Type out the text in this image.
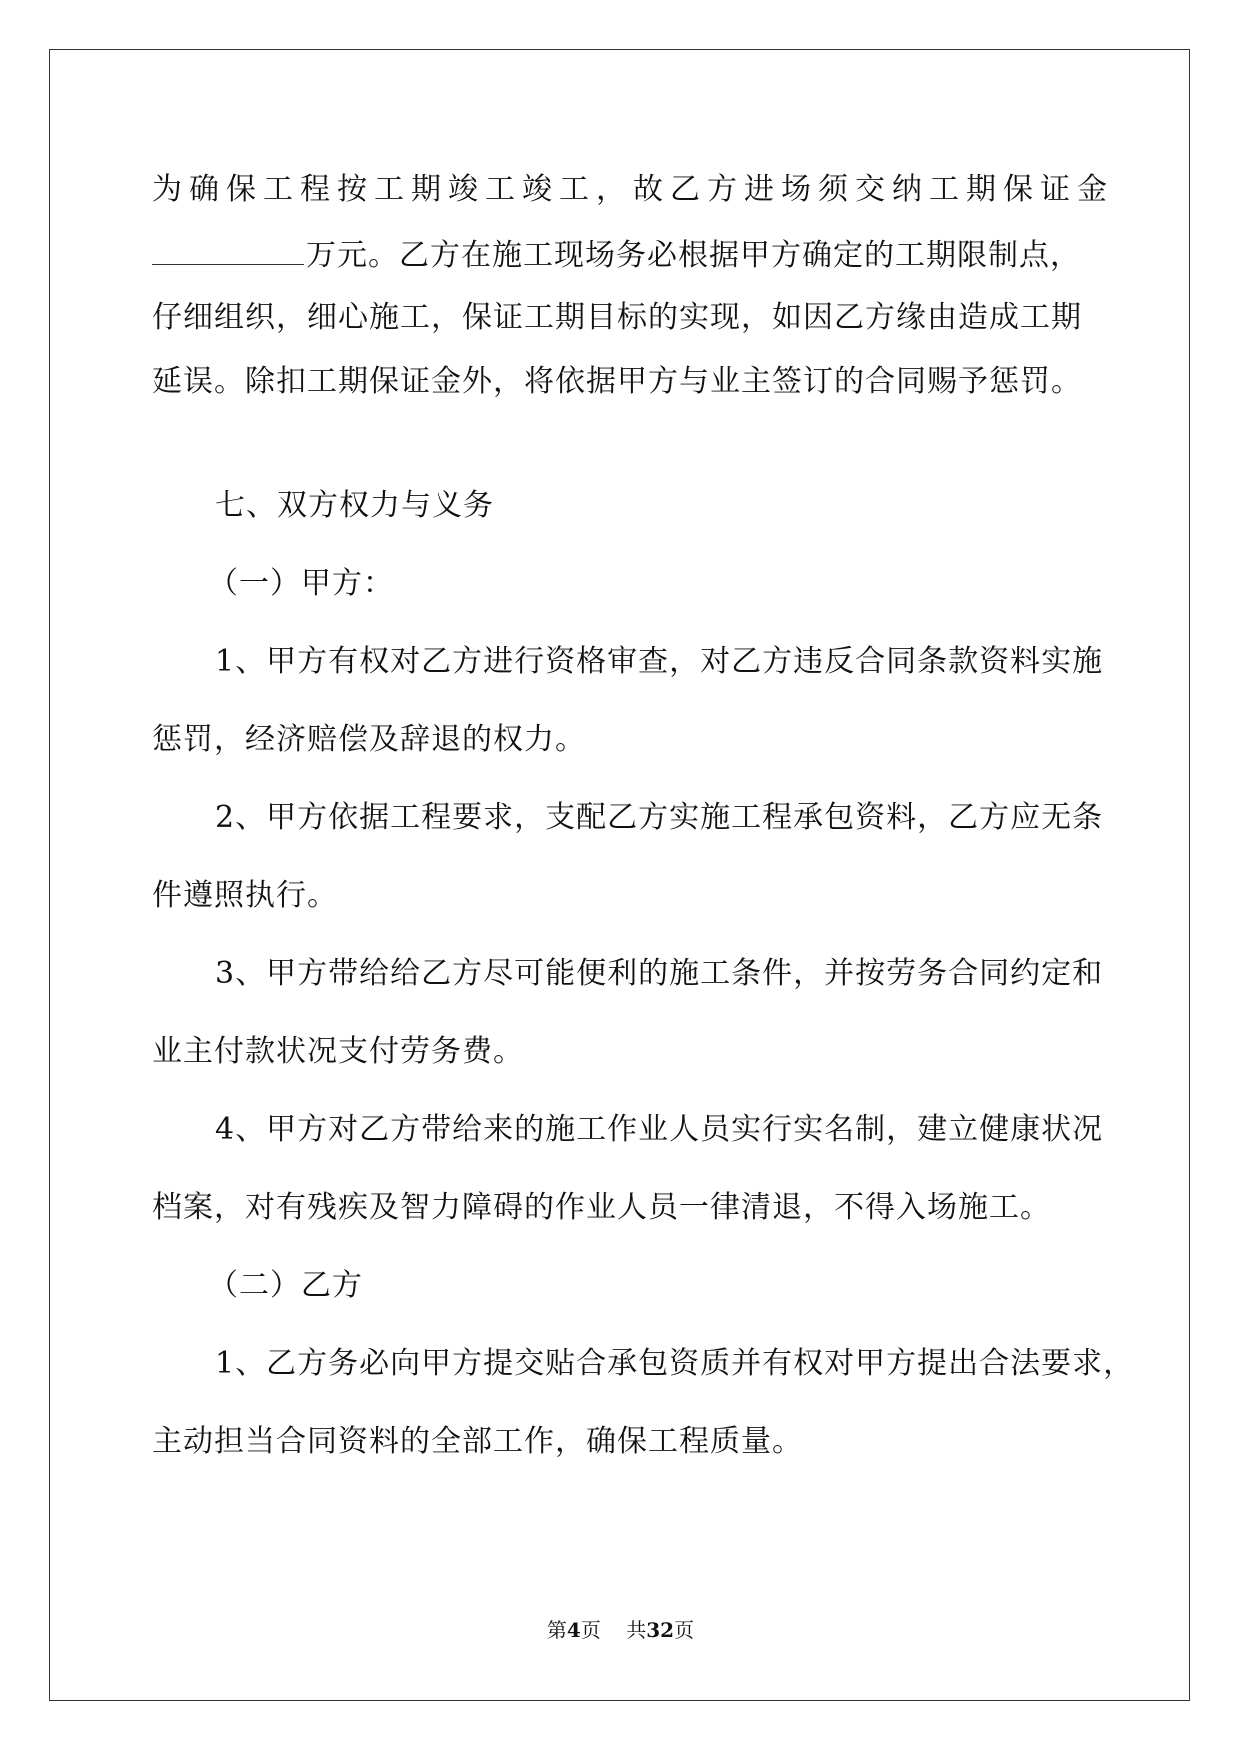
为确保工程按工期竣工竣工，故乙方进场须交纳工期保证金
万元。乙方在施工现场务必根据甲方确定的工期限制点，
仔细组织，细心施工，保证工期目标的实现，如因乙方缘由造成工期
延误。除扣工期保证金外，将依据甲方与业主签订的合同赐予惩罚。
七、双方权力与义务
（一）甲方：
1、甲方有权对乙方进行资格审查，对乙方违反合同条款资料实施
惩罚，经济赔偿及辞退的权力。
2、甲方依据工程要求，支配乙方实施工程承包资料，乙方应无条
件遵照执行。
3、甲方带给给乙方尽可能便利的施工条件，并按劳务合同约定和
业主付款状况支付劳务费。
4、甲方对乙方带给来的施工作业人员实行实名制，建立健康状况
档案，对有残疾及智力障碍的作业人员一律清退，不得入场施工。
（二）乙方
1、乙方务必向甲方提交贴合承包资质并有权对甲方提出合法要求，
主动担当合同资料的全部工作，确保工程质量。
第4页 共32页
